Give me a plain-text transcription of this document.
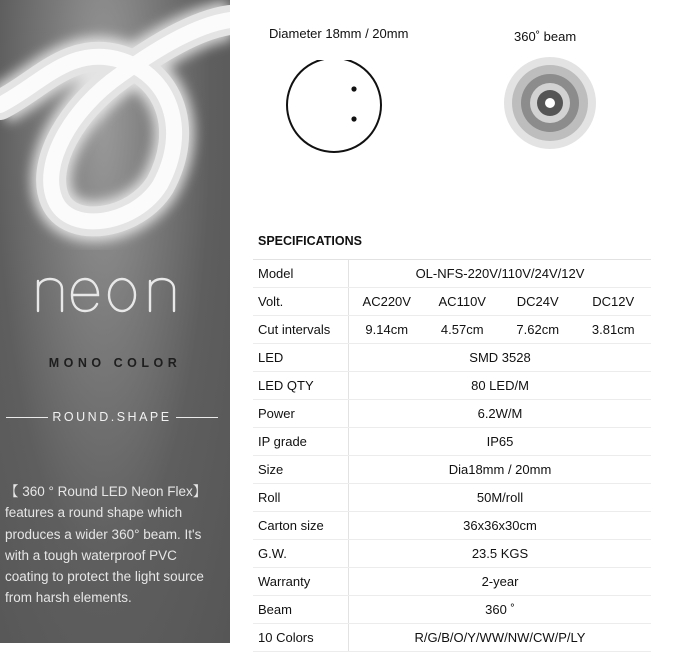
neon
MONO COLOR
ROUND.SHAPE
【 360 ° Round LED Neon Flex】
features a round shape which
produces a wider 360° beam. It's
with a tough waterproof PVC
coating to protect the light source
from harsh elements.
Diameter 18mm / 20mm	360˚ beam
SPECIFICATIONS
Model	OL-NFS-220V/110V/24V/12V
Volt.	AC220V	AC110V	DC24V	DC12V
Cut intervals	9.14cm	4.57cm	7.62cm	3.81cm
LED	SMD 3528
LED QTY	80 LED/M
Power	6.2W/M
IP grade	IP65
Size	Dia18mm / 20mm
Roll	50M/roll
Carton size	36x36x30cm
G.W.	23.5 KGS
Warranty	2-year
Beam	360 ˚
10 Colors	R/G/B/O/Y/WW/NW/CW/P/LY
